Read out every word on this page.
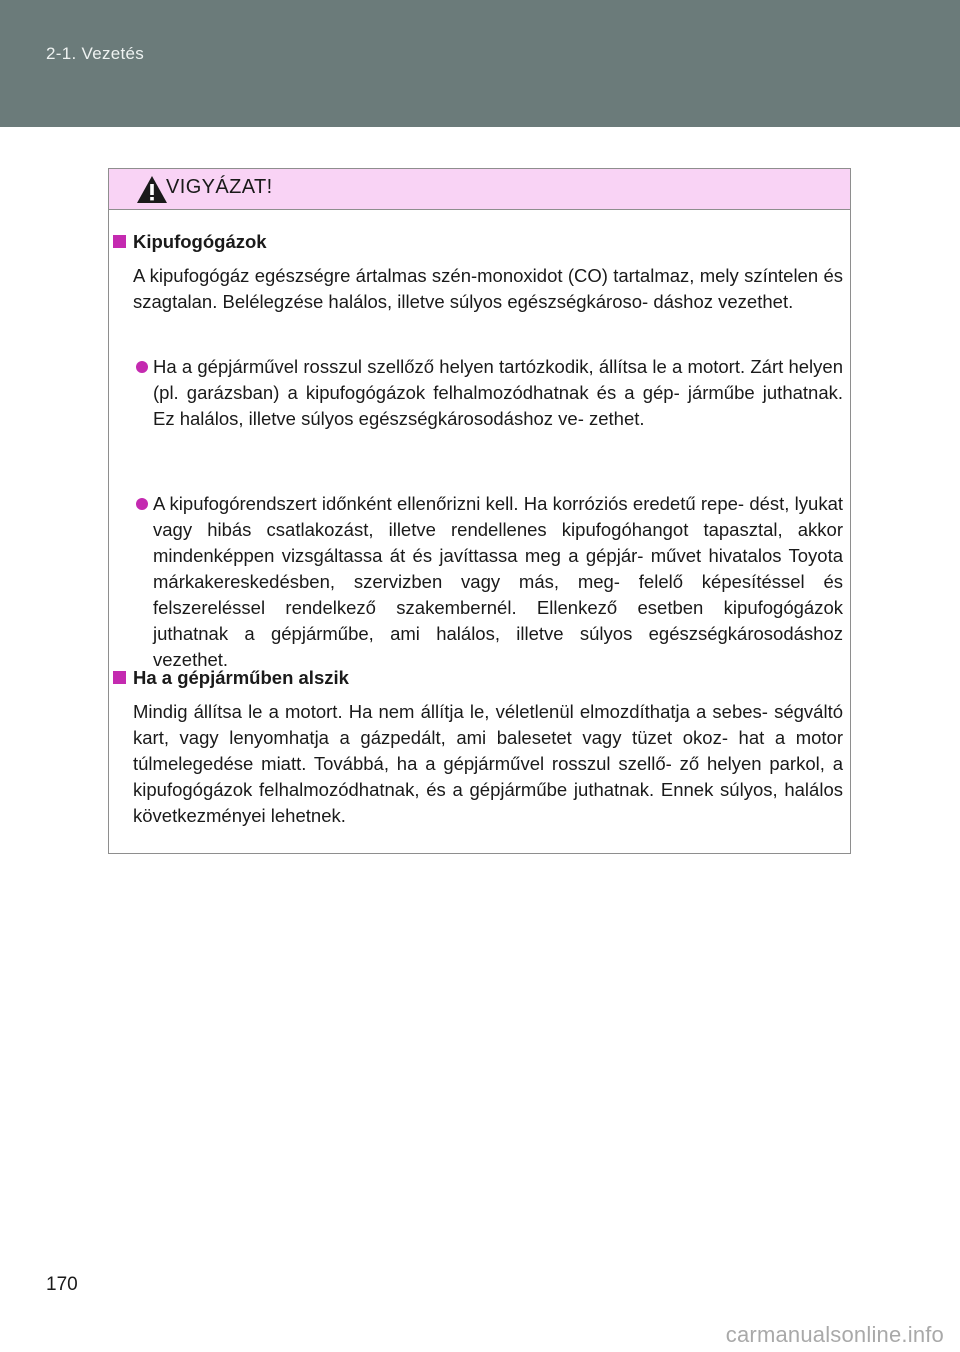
2-1. Vezetés
VIGYÁZAT!
Kipufogógázok

A kipufogógáz egészségre ártalmas szén-monoxidot (CO) tartalmaz, mely színtelen és szagtalan. Belélegzése halálos, illetve súlyos egészségkároso- dáshoz vezethet.

Ha a gépjárművel rosszul szellőző helyen tartózkodik, állítsa le a motort. Zárt helyen (pl. garázsban) a kipufogógázok felhalmozódhatnak és a gép- járműbe juthatnak. Ez halálos, illetve súlyos egészségkárosodáshoz ve- zethet.

A kipufogórendszert időnként ellenőrizni kell. Ha korróziós eredetű repe- dést, lyukat vagy hibás csatlakozást, illetve rendellenes kipufogóhangot tapasztal, akkor mindenképpen vizsgáltassa át és javíttassa meg a gépjár- művet hivatalos Toyota márkakereskedésben, szervizben vagy más, meg- felelő képesítéssel és felszereléssel rendelkező szakembernél. Ellenkező esetben kipufogógázok juthatnak a gépjárműbe, ami halálos, illetve súlyos egészségkárosodáshoz vezethet.

Ha a gépjárműben alszik

Mindig állítsa le a motort. Ha nem állítja le, véletlenül elmozdíthatja a sebes- ségváltó kart, vagy lenyomhatja a gázpedált, ami balesetet vagy tüzet okoz- hat a motor túlmelegedése miatt. Továbbá, ha a gépjárművel rosszul szellő- ző helyen parkol, a kipufogógázok felhalmozódhatnak, és a gépjárműbe juthatnak. Ennek súlyos, halálos következményei lehetnek.

170
carmanualsonline.info
